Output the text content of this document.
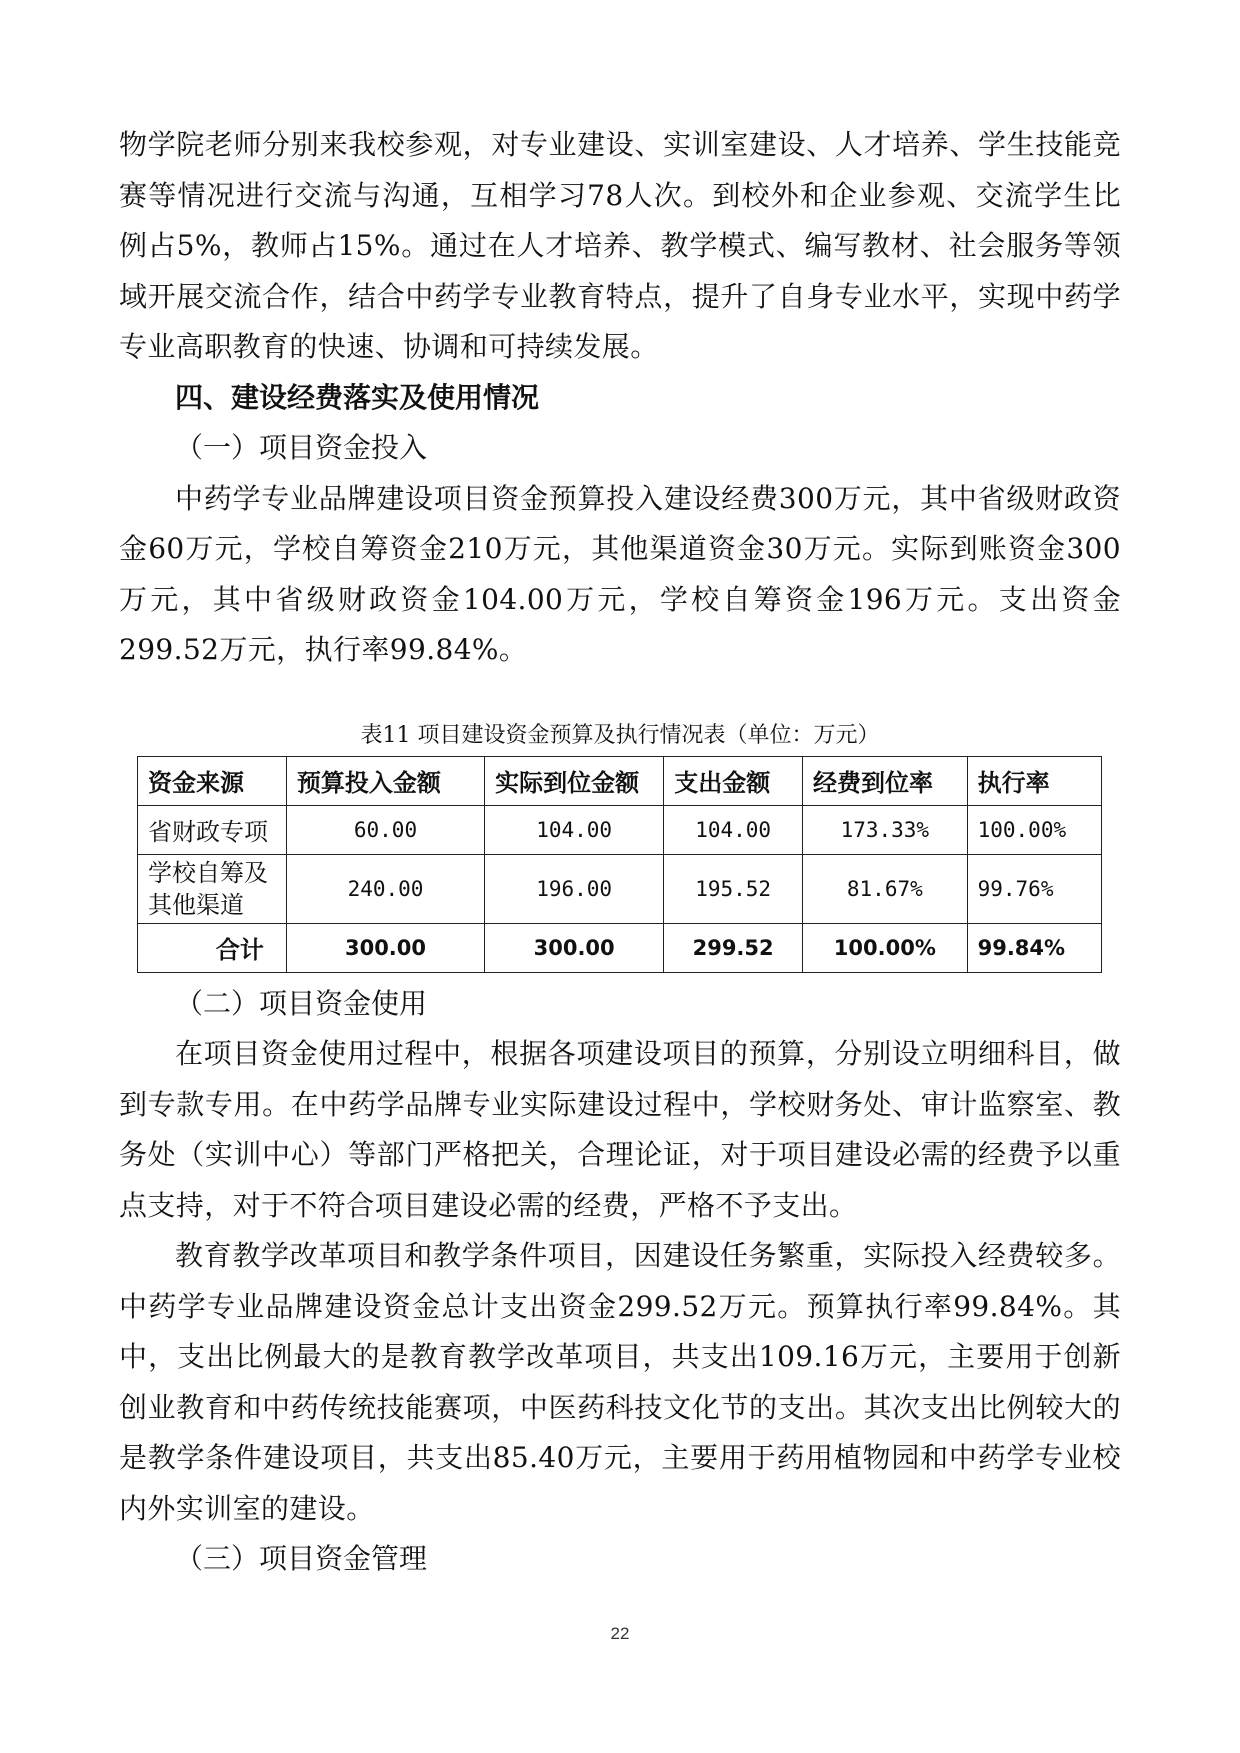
物学院老师分别来我校参观，对专业建设、实训室建设、人才培养、学生技能竞赛等情况进行交流与沟通，互相学习78人次。到校外和企业参观、交流学生比例占5%，教师占15%。通过在人才培养、教学模式、编写教材、社会服务等领域开展交流合作，结合中药学专业教育特点，提升了自身专业水平，实现中药学专业高职教育的快速、协调和可持续发展。

四、建设经费落实及使用情况

（一）项目资金投入

中药学专业品牌建设项目资金预算投入建设经费300万元，其中省级财政资金60万元，学校自筹资金210万元，其他渠道资金30万元。实际到账资金300万元，其中省级财政资金104.00万元，学校自筹资金196万元。支出资金299.52万元，执行率99.84%。

表11 项目建设资金预算及执行情况表（单位：万元）
资金来源	预算投入金额	实际到位金额	支出金额	经费到位率	执行率
省财政专项	60.00	104.00	104.00	173.33%	100.00%
学校自筹及
其他渠道	240.00	196.00	195.52	81.67%	99.76%
合计	300.00	300.00	299.52	100.00%	99.84%

（二）项目资金使用

在项目资金使用过程中，根据各项建设项目的预算，分别设立明细科目，做到专款专用。在中药学品牌专业实际建设过程中，学校财务处、审计监察室、教务处（实训中心）等部门严格把关，合理论证，对于项目建设必需的经费予以重点支持，对于不符合项目建设必需的经费，严格不予支出。

教育教学改革项目和教学条件项目，因建设任务繁重，实际投入经费较多。中药学专业品牌建设资金总计支出资金299.52万元。预算执行率99.84%。其中，支出比例最大的是教育教学改革项目，共支出109.16万元，主要用于创新创业教育和中药传统技能赛项，中医药科技文化节的支出。其次支出比例较大的是教学条件建设项目，共支出85.40万元，主要用于药用植物园和中药学专业校内外实训室的建设。

（三）项目资金管理

22
